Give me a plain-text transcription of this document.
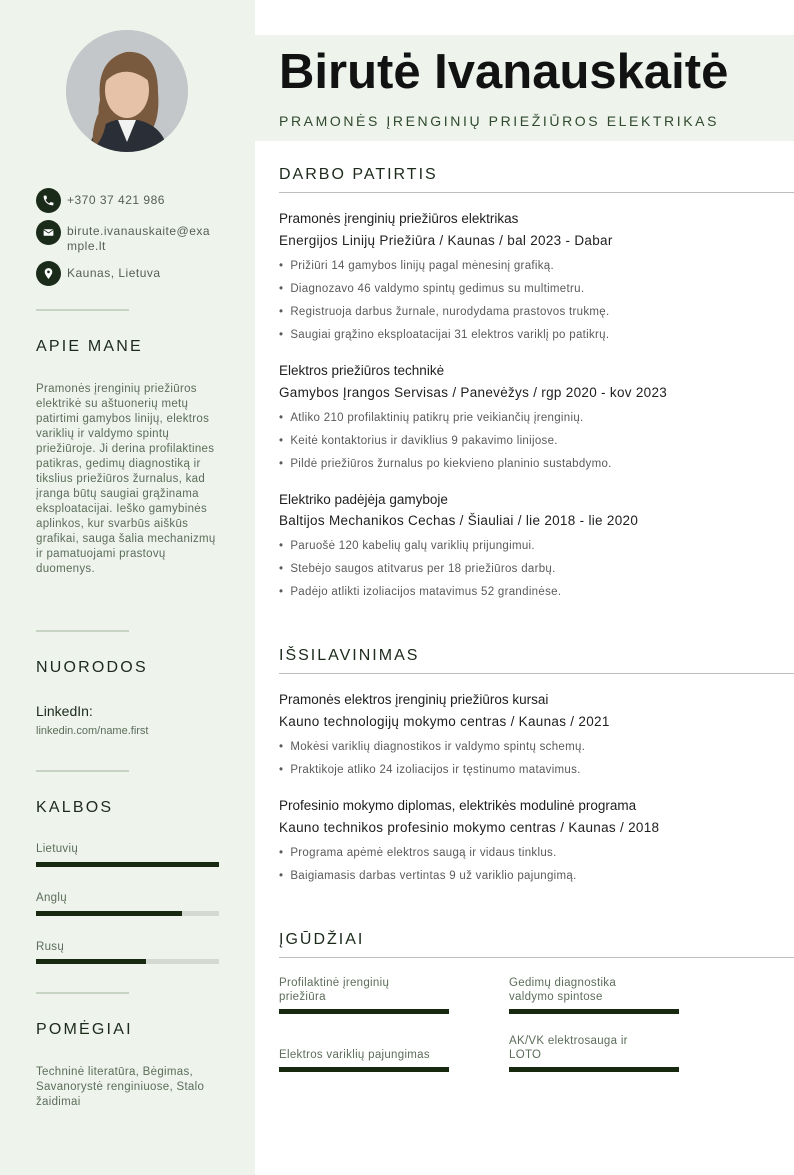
+370 37 421 986
birute.ivanauskaite@exa
mple.lt
Kaunas, Lietuva
APIE MANE
Pramonės įrenginių priežiūros elektrikė su aštuonerių metų patirtimi gamybos linijų, elektros variklių ir valdymo spintų priežiūroje. Ji derina profilaktines patikras, gedimų diagnostiką ir tikslius priežiūros žurnalus, kad įranga būtų saugiai grąžinama eksploatacijai. Ieško gamybinės aplinkos, kur svarbūs aiškūs grafikai, sauga šalia mechanizmų ir pamatuojami prastovų duomenys.
NUORODOS
LinkedIn:
linkedin.com/name.first
KALBOS
Lietuvių
Anglų
Rusų
POMĖGIAI
Techninė literatūra, Bėgimas, Savanorystė renginiuose, Stalo žaidimai
Birutė Ivanauskaitė
PRAMONĖS ĮRENGINIŲ PRIEŽIŪROS ELEKTRIKAS
DARBO PATIRTIS
Pramonės įrenginių priežiūros elektrikas
Energijos Linijų Priežiūra / Kaunas / bal 2023 - Dabar
• Prižiūri 14 gamybos linijų pagal mėnesinį grafiką.
• Diagnozavo 46 valdymo spintų gedimus su multimetru.
• Registruoja darbus žurnale, nurodydama prastovos trukmę.
• Saugiai grąžino eksploatacijai 31 elektros variklį po patikrų.
Elektros priežiūros technikė
Gamybos Įrangos Servisas / Panevėžys / rgp 2020 - kov 2023
• Atliko 210 profilaktinių patikrų prie veikiančių įrenginių.
• Keitė kontaktorius ir daviklius 9 pakavimo linijose.
• Pildė priežiūros žurnalus po kiekvieno planinio sustabdymo.
Elektriko padėjėja gamyboje
Baltijos Mechanikos Cechas / Šiauliai / lie 2018 - lie 2020
• Paruošė 120 kabelių galų variklių prijungimui.
• Stebėjo saugos atitvarus per 18 priežiūros darbų.
• Padėjo atlikti izoliacijos matavimus 52 grandinėse.
IŠSILAVINIMAS
Pramonės elektros įrenginių priežiūros kursai
Kauno technologijų mokymo centras / Kaunas / 2021
• Mokėsi variklių diagnostikos ir valdymo spintų schemų.
• Praktikoje atliko 24 izoliacijos ir tęstinumo matavimus.
Profesinio mokymo diplomas, elektrikės modulinė programa
Kauno technikos profesinio mokymo centras / Kaunas / 2018
• Programa apėmė elektros saugą ir vidaus tinklus.
• Baigiamasis darbas vertintas 9 už variklio pajungimą.
ĮGŪDŽIAI
Profilaktinė įrenginių
priežiūra
Gedimų diagnostika
valdymo spintose
Elektros variklių pajungimas
AK/VK elektrosauga ir
LOTO
